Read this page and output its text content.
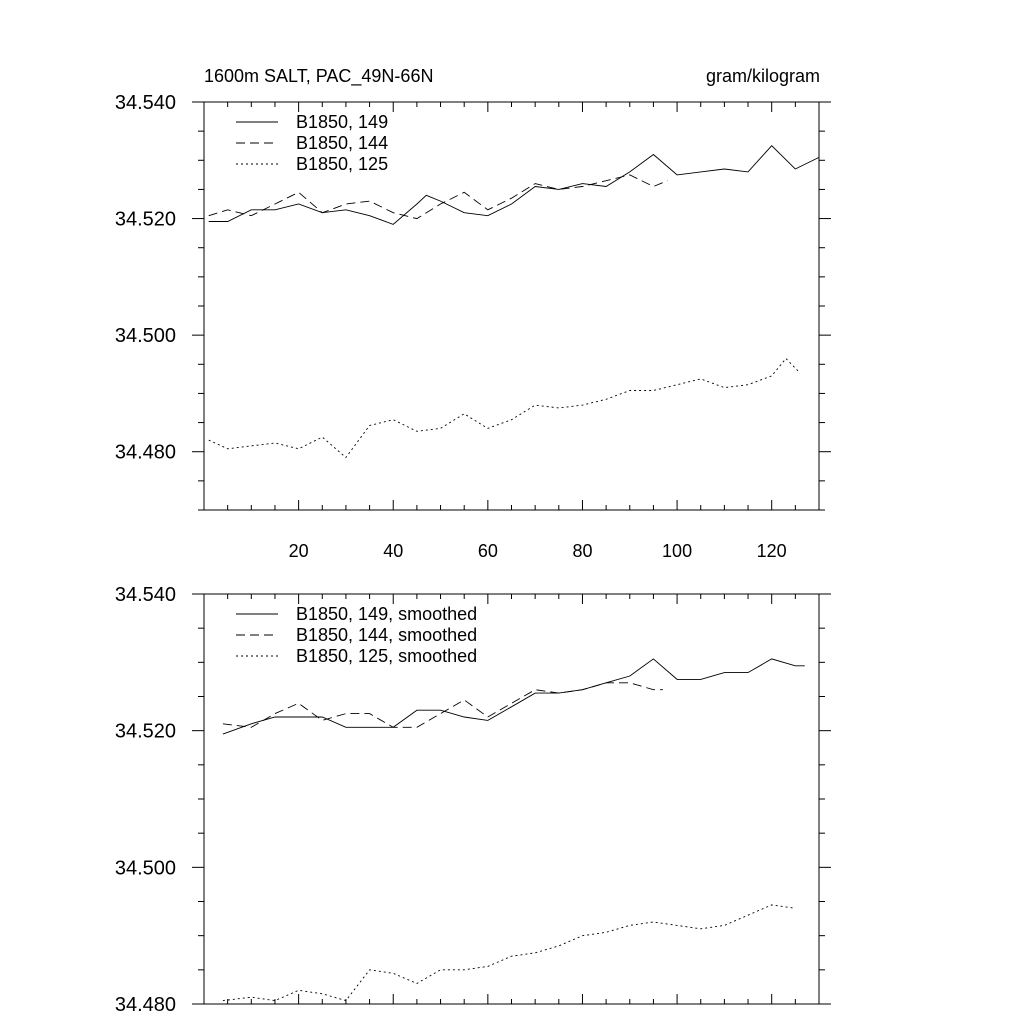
1600m SALT, PAC_49N-66N	gram/kilogram
34.480
34.500
34.520
34.540
20	40	60	80	100	120
B1850, 149
B1850, 144
B1850, 125
34.480
34.500
34.520
34.540
B1850, 149, smoothed
B1850, 144, smoothed
B1850, 125, smoothed
